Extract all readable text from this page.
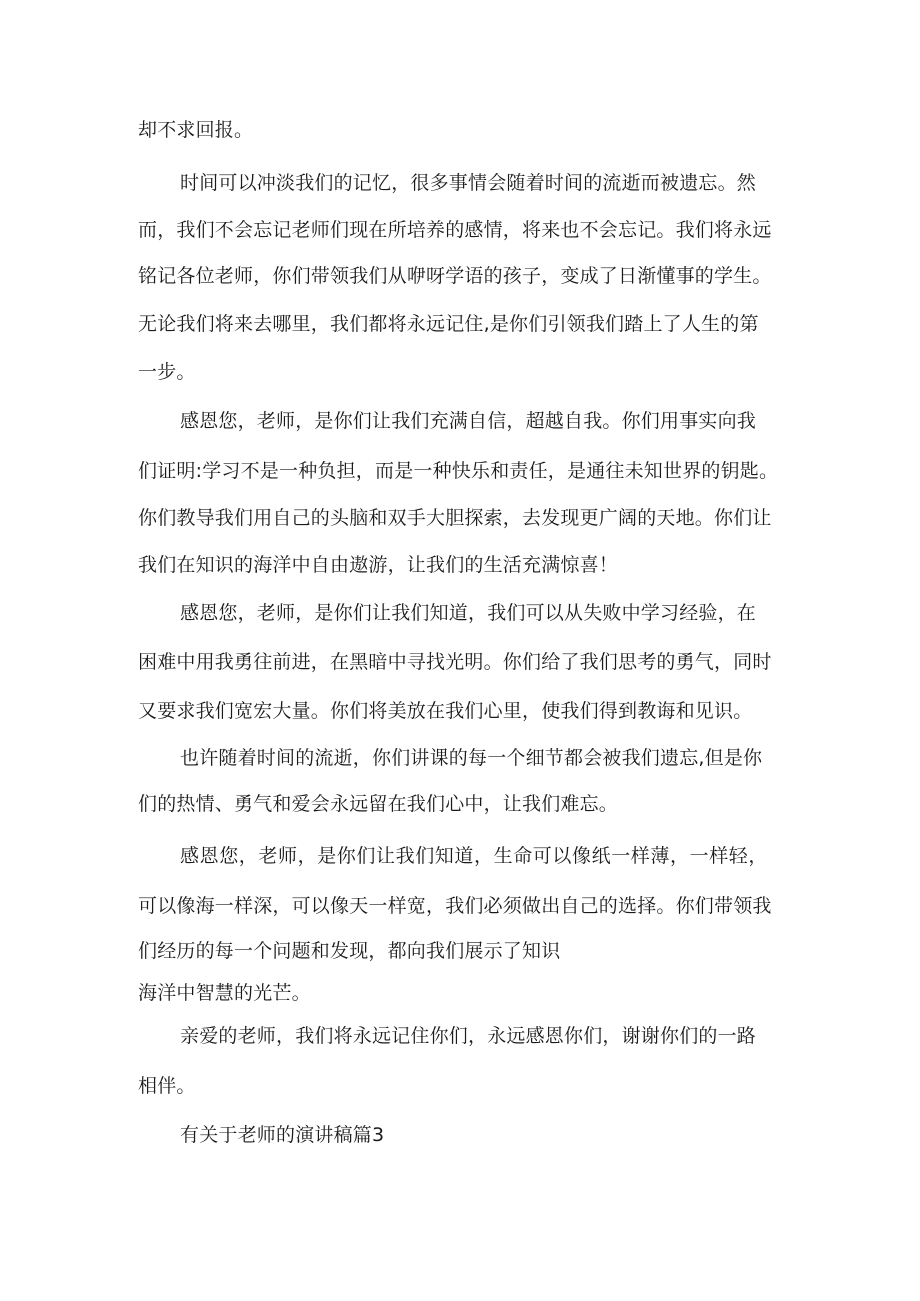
却不求回报。
时间可以冲淡我们的记忆，很多事情会随着时间的流逝而被遗忘。然
而，我们不会忘记老师们现在所培养的感情，将来也不会忘记。我们将永远
铭记各位老师，你们带领我们从咿呀学语的孩子，变成了日渐懂事的学生。
无论我们将来去哪里，我们都将永远记住,是你们引领我们踏上了人生的第
一步。
感恩您，老师，是你们让我们充满自信，超越自我。你们用事实向我
们证明:学习不是一种负担，而是一种快乐和责任，是通往未知世界的钥匙。
你们教导我们用自己的头脑和双手大胆探索，去发现更广阔的天地。你们让
我们在知识的海洋中自由遨游，让我们的生活充满惊喜！
感恩您，老师，是你们让我们知道，我们可以从失败中学习经验，在
困难中用我勇往前进，在黑暗中寻找光明。你们给了我们思考的勇气，同时
又要求我们宽宏大量。你们将美放在我们心里，使我们得到教诲和见识。
也许随着时间的流逝，你们讲课的每一个细节都会被我们遗忘,但是你
们的热情、勇气和爱会永远留在我们心中，让我们难忘。
感恩您，老师，是你们让我们知道，生命可以像纸一样薄，一样轻，
可以像海一样深，可以像天一样宽，我们必须做出自己的选择。你们带领我
们经历的每一个问题和发现，都向我们展示了知识
海洋中智慧的光芒。
亲爱的老师，我们将永远记住你们，永远感恩你们，谢谢你们的一路
相伴。
有关于老师的演讲稿篇3
